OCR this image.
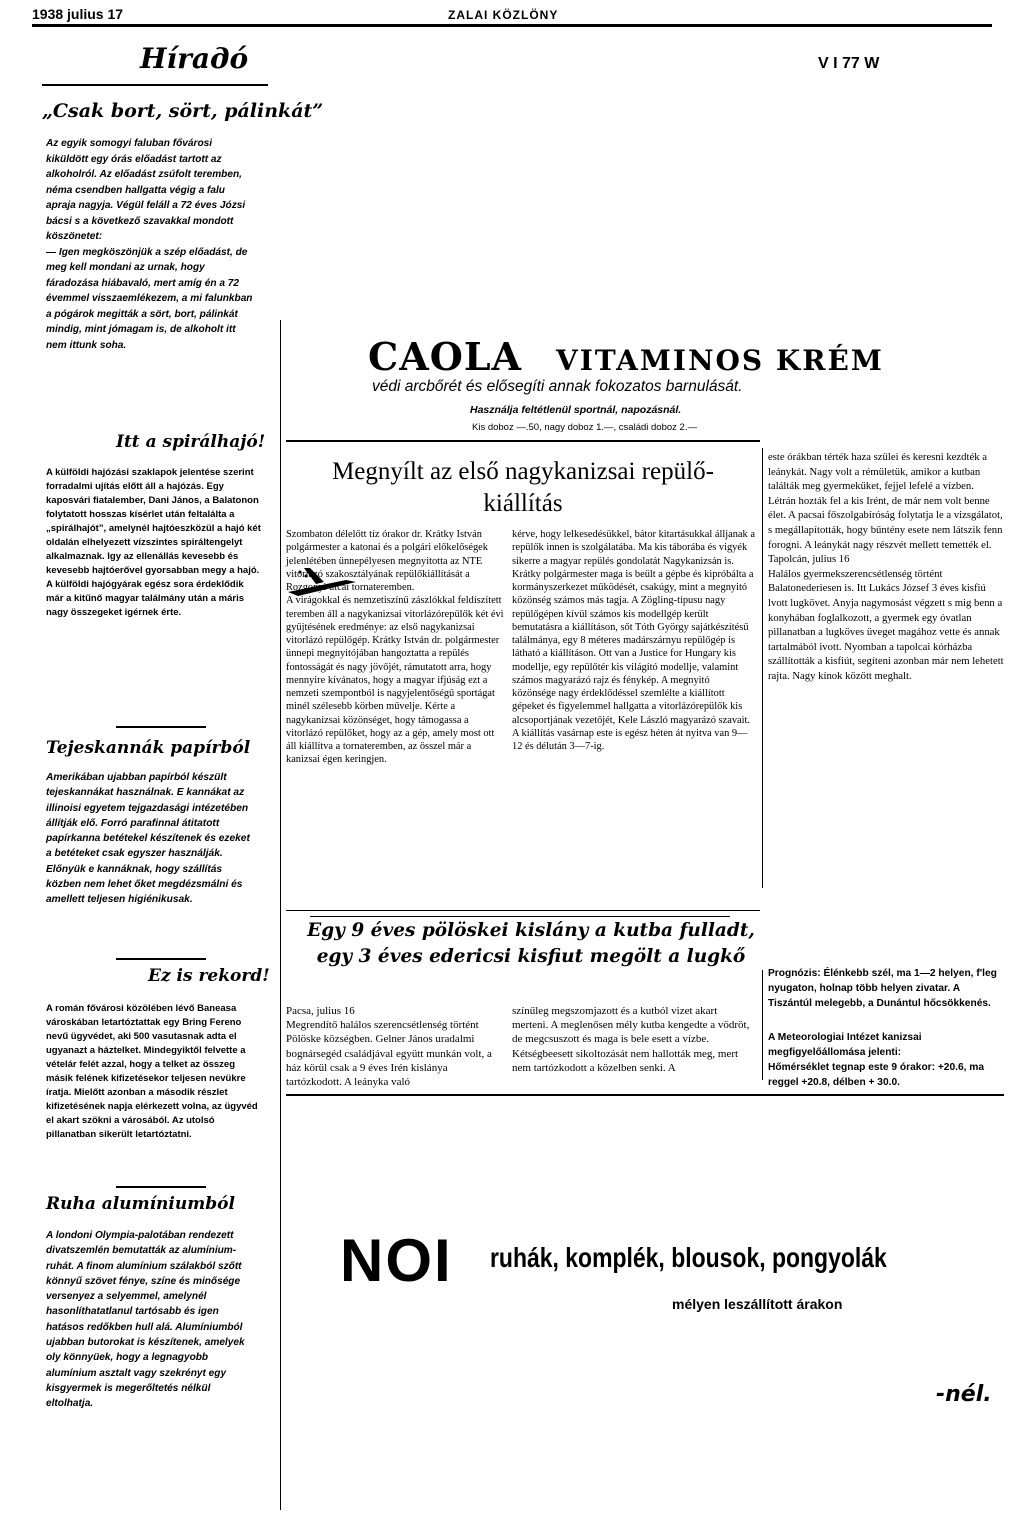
1938 julius 17	ZALAI KÖZLÖNY
V I 77 W
Hírадó
„Csak bort, sört, pálinkát”

Az egyik somogyi faluban fővárosi kiküldött egy órás előadást tartott az alkoholról. Az előadást zsúfolt teremben, néma csendben hallgatta végig a falu apraja nagyja. Végül feláll a 72 éves Józsi bácsi s a következő szavakkal mondott köszönetet:
— Igen megköszönjük a szép előadást, de meg kell mondani az urnak, hogy fáradozása hiábavaló, mert amíg én a 72 évemmel visszaemlékezem, a mi falunkban a pógárok megitták a sört, bort, pálinkát mindig, mint jómagam is, de alkoholt itt nem ittunk soha.

Itt a spirálhajó!

A külföldi hajózási szaklapok jelentése szerint forradalmi ujítás előtt áll a hajózás. Egy kaposvári fiatalember, Dani János, a Balatonon folytatott hosszas kísérlet után feltalálta a „spirálhajót”, amelynél hajtóeszközül a hajó két oldalán elhelyezett vízszintes spiráltengelyt alkalmaznak. Igy az ellenállás kevesebb és kevesebb hajtóerővel gyorsabban megy a hajó. A külföldi hajógyárak egész sora érdeklődik már a kitűnő magyar találmány után a máris nagy összegeket igérnek érte.

Tejeskannák papírból

Amerikában ujabban papírból készült tejeskannákat használnak. E kannákat az illinoisi egyetem tejgazdasági intézetében állítják elő. Forró parafinnal átitatott papírkanna betétekel készítenek és ezeket a betéteket csak egyszer használják. Előnyük e kannáknak, hogy szállítás közben nem lehet őket megdézsmálni és amellett teljesen higiénikusak.

Ez is rekord!

A román fővárosi közölében lévő Baneasa városkában letartóztattak egy Bring Fereno nevű ügyvédet, aki 500 vasutasnak adta el ugyanazt a háztelket. Mindegyiktől felvette a vételár felét azzal, hogy a telket az összeg másik felének kifizetésekor teljesen nevükre íratja. Mielőtt azonban a második részlet kifizetésének napja elérkezett volna, az ügyvéd el akart szökni a városából. Az utolsó pillanatban sikerült letartóztatni.

Ruha alumíniumból

A londoni Olympia-palotában rendezett divatszemlén bemutatták az alumínium-ruhát. A finom alumínium szálakból szőtt könnyű szövet fénye, színe és minősége versenyez a selyemmel, amelynél hasonlíthatatlanul tartósabb és igen hatásos redőkben hull alá. Alumíniumból ujabban butorokat is készítenek, amelyek oly könnyüek, hogy a legnagyobb alumínium asztalt vagy szekrényt egy kisgyermek is megerőltetés nélkül eltolhatja.

CAOLA VITAMINOS KRÉM
védi arcbőrét és elősegíti annak fokozatos barnulását.
Használja feltétlenül sportnál, napozásnál.
Kis doboz —.50, nagy doboz 1.—, családi doboz 2.—
Megnyílt az első nagykanizsai repülő-kiállítás

Szombaton délelőtt tíz órakor dr. Krátky István polgármester a katonai és a polgári előkelőségek jelenlétében ünnepélyesen megnyitotta az NTE vitorlázó szakosztályának repülőkiállítását a Rozgonyi utcai tornateremben.
A virágokkal és nemzetiszínű zászlókkal feldíszített teremben áll a nagykanizsai vitorlázórepülők két évi gyűjtésének eredménye: az első nagykanizsai vitorlázó repülőgép. Krátky István dr. polgármester ünnepi megnyitójában hangoztatta a repülés fontosságát és nagy jövőjét, rámutatott arra, hogy mennyire kívánatos, hogy a magyar ifjúság ezt a nemzeti szempontból is nagyjelentőségű sportágat minél szélesebb körben művelje. Kérte a nagykanizsai közönséget, hogy támogassa a vitorlázó repülőket, hogy az a gép, amely most ott áll kiállítva a tornateremben, az összel már a kanizsai égen keringjen.

kérve, hogy lelkesedésükkel, bátor kitartásukkal álljanak a repülők innen is szolgálatába. Ma kis táborába és vigyék sikerre a magyar repülés gondolatát Nagykanizsán is.
Krátky polgármester maga is beült a gépbe és kipróbálta a kormányszerkezet működését, csakúgy, mint a megnyitó közönség számos más tagja. A Zögling-típusu nagy repülőgépen kívül számos kis modellgép került bemutatásra a kiállításon, sőt Tóth György sajátkészítésű találmánya, egy 8 méteres madárszárnyu repülőgép is látható a kiállításon. Ott van a Justice for Hungary kis modellje, egy repülőtér kis világító modellje, valamint számos magyarázó rajz és fénykép. A megnyitó közönsége nagy érdeklődéssel szemlélte a kiállított gépeket és figyelemmel hallgatta a vitorlázórepülők kis alcsoportjának vezetőjét, Kele László magyarázó szavait. A kiállítás vasárnap este is egész héten át nyitva van 9—12 és délután 3—7-ig.

este órákban térték haza szülei és keresni kezdték a leánykát. Nagy volt a rémületük, amikor a kutban találták meg gyermeküket, fejjel lefelé a vízben. Létrán hozták fel a kis Irént, de már nem volt benne élet. A pacsai főszolgabíróság folytatja le a vizsgálatot, s megállapították, hogy bűntény esete nem látszik fenn forogni. A leánykát nagy részvét mellett temették el.
Tapolcán, julius 16
Halálos gyermekszerencsétlenség történt Balatonederiesen is. Itt Lukács József 3 éves kisfiú lvott lugkövet. Anyja nagymosást végzett s mig benn a konyhában foglalkozott, a gyermek egy óvatlan pillanatban a lugköves üveget magához vette és annak tartalmából ivott. Nyomban a tapolcai kórházba szállították a kisfiút, segíteni azonban már nem lehetett rajta. Nagy kínok között meghalt.

Egy 9 éves pölöskei kislány a kutba fulladt, egy 3 éves edericsi kisfiut megölt a lugkő

Pacsa, julius 16
Megrendítő halálos szerencsétlenség történt Pölöske községben. Gelner János uradalmi bognársegéd családjával együtt munkán volt, a ház körül csak a 9 éves Irén kislánya tartózkodott. A leányka való

színűleg megszomjazott és a kutból vizet akart merteni. A meglenősen mély kutba kengedte a vödröt, de megcsuszott és maga is bele esett a vízbe. Kétségbeesett sikoltozását nem hallották meg, mert nem tartózkodott a közelben senki. A

Prognózis: Élénkebb szél, ma 1—2 helyen, f'leg nyugaton, holnap több helyen zivatar. A Tiszántúl melegebb, a Dunántul hőcsökkenés.

A Meteorologiai Intézet kanizsai megfigyelőállomása jelenti:
Hőmérséklet tegnap este 9 órakor: +20.6, ma reggel +20.8, délben + 30.0.

NOI ruhák, komplék, blousok, pongyolák
mélyen leszállított árakon
-nél.
